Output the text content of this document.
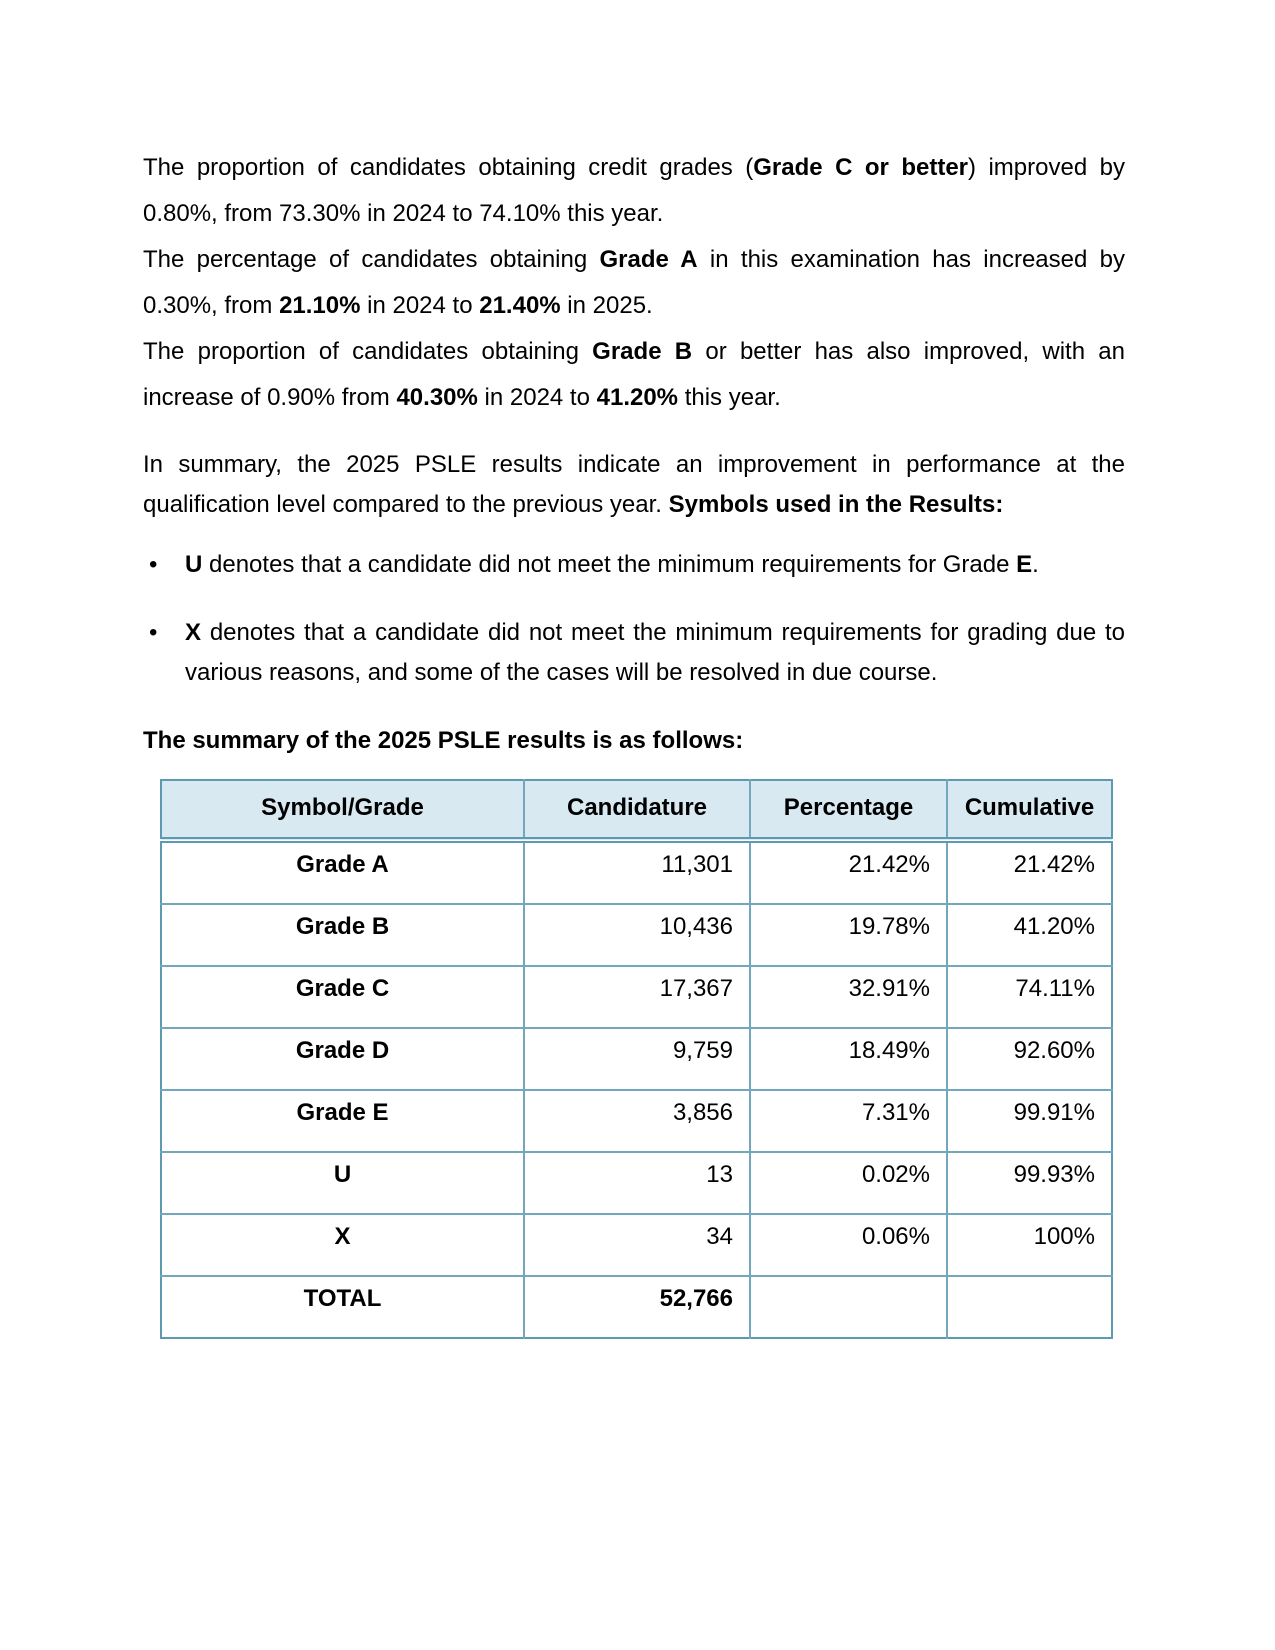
The proportion of candidates obtaining credit grades (Grade C or better) improved by 0.80%, from 73.30% in 2024 to 74.10% this year.

The percentage of candidates obtaining Grade A in this examination has increased by 0.30%, from 21.10% in 2024 to 21.40% in 2025.

The proportion of candidates obtaining Grade B or better has also improved, with an increase of 0.90% from 40.30% in 2024 to 41.20% this year.

In summary, the 2025 PSLE results indicate an improvement in performance at the qualification level compared to the previous year. Symbols used in the Results:

• U denotes that a candidate did not meet the minimum requirements for Grade E.
• X denotes that a candidate did not meet the minimum requirements for grading due to various reasons, and some of the cases will be resolved in due course.

The summary of the 2025 PSLE results is as follows:

Symbol/Grade	Candidature	Percentage	Cumulative
Grade A	11,301	21.42%	21.42%
Grade B	10,436	19.78%	41.20%
Grade C	17,367	32.91%	74.11%
Grade D	9,759	18.49%	92.60%
Grade E	3,856	7.31%	99.91%
U	13	0.02%	99.93%
X	34	0.06%	100%
TOTAL	52,766		
